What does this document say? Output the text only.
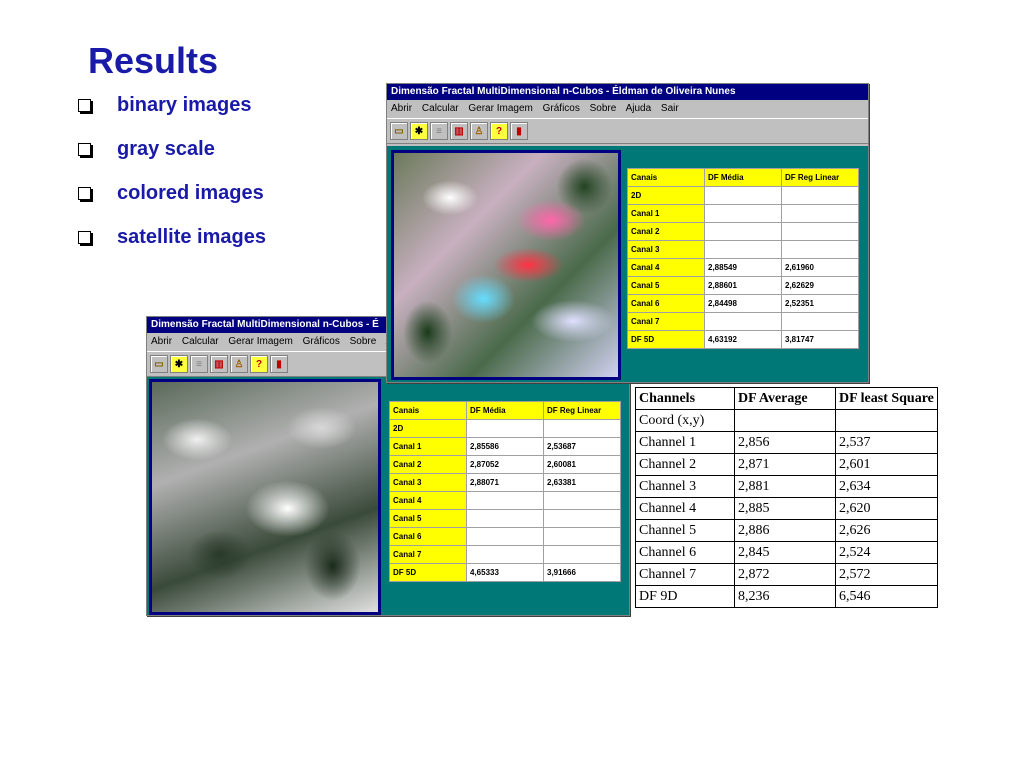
Results
binary images
gray scale
colored images
satellite images
Dimensão Fractal MultiDimensional n-Cubos - É
Abrir Calcular Gerar Imagem Gráficos Sobre
▭	✱	≡	▥	♙	?	▮
Canais	DF Média	DF Reg Linear
2D		
Canal 1	2,85586	2,53687
Canal 2	2,87052	2,60081
Canal 3	2,88071	2,63381
Canal 4		
Canal 5		
Canal 6		
Canal 7		
DF 5D	4,65333	3,91666
Dimensão Fractal MultiDimensional n-Cubos - Éldman de Oliveira Nunes
Abrir Calcular Gerar Imagem Gráficos Sobre Ajuda Sair
▭	✱	≡	▥	♙	?	▮
Canais	DF Média	DF Reg Linear
2D		
Canal 1		
Canal 2		
Canal 3		
Canal 4	2,88549	2,61960
Canal 5	2,88601	2,62629
Canal 6	2,84498	2,52351
Canal 7		
DF 5D	4,63192	3,81747
Channels	DF Average	DF least Square
Coord (x,y)		
Channel 1	2,856	2,537
Channel 2	2,871	2,601
Channel 3	2,881	2,634
Channel 4	2,885	2,620
Channel 5	2,886	2,626
Channel 6	2,845	2,524
Channel 7	2,872	2,572
DF 9D	8,236	6,546
